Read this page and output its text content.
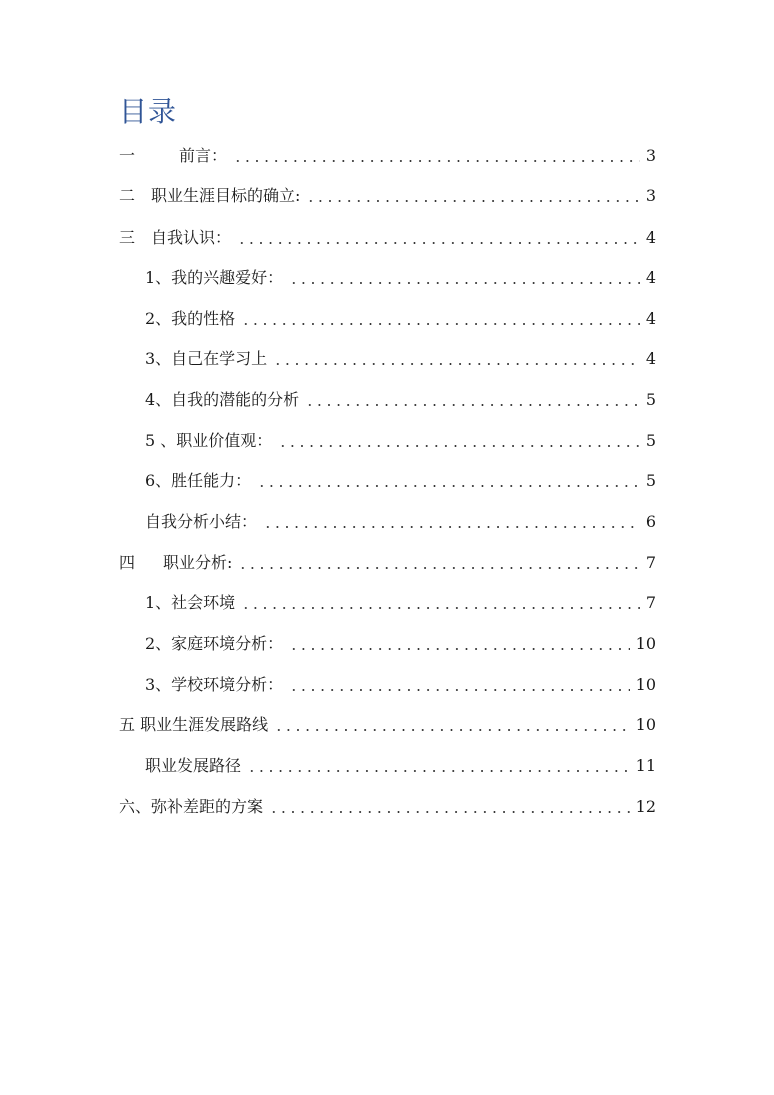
目录
一	前言：	3
二 职业生涯目标的确立:	3
三 自我认识：	4
1、我的兴趣爱好：	4
2、我的性格	4
3、自己在学习上	4
4、自我的潜能的分析	5
5 、职业价值观：	5
6、胜任能力：	5
自我分析小结：	6
四 职业分析:	7
1、社会环境	7
2、家庭环境分析：	10
3、学校环境分析：	10
五 职业生涯发展路线	10
职业发展路径	11
六、弥补差距的方案	12
